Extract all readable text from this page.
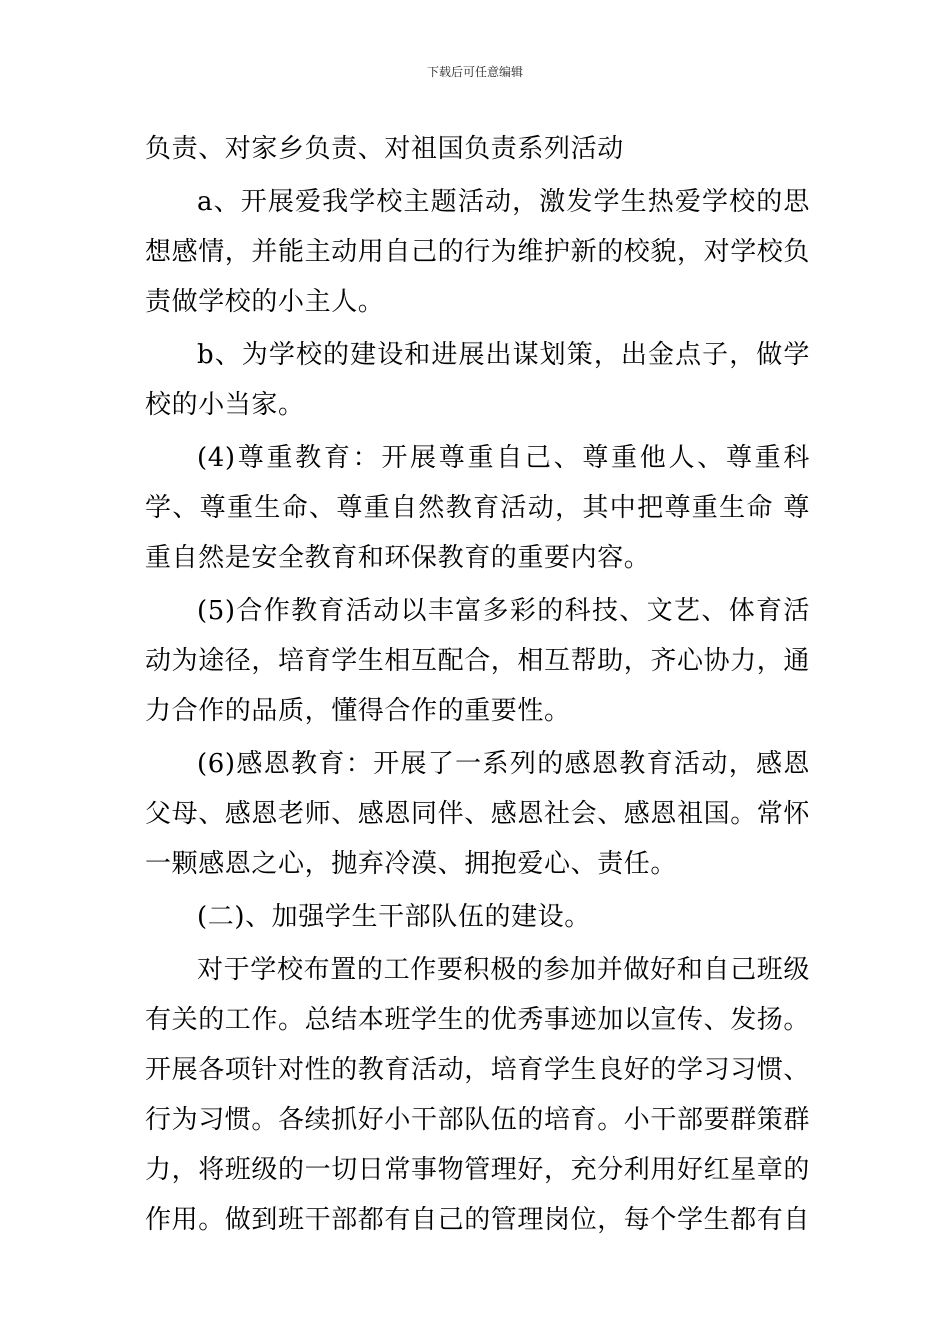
下载后可任意编辑

负责、对家乡负责、对祖国负责系列活动

a、开展爱我学校主题活动，激发学生热爱学校的思想感情，并能主动用自己的行为维护新的校貌，对学校负责做学校的小主人。

b、为学校的建设和进展出谋划策，出金点子，做学校的小当家。

(4)尊重教育：开展尊重自己、尊重他人、尊重科学、尊重生命、尊重自然教育活动，其中把尊重生命 尊重自然是安全教育和环保教育的重要内容。

(5)合作教育活动以丰富多彩的科技、文艺、体育活动为途径，培育学生相互配合，相互帮助，齐心协力，通力合作的品质，懂得合作的重要性。

(6)感恩教育：开展了一系列的感恩教育活动，感恩父母、感恩老师、感恩同伴、感恩社会、感恩祖国。常怀一颗感恩之心，抛弃冷漠、拥抱爱心、责任。

(二)、加强学生干部队伍的建设。

对于学校布置的工作要积极的参加并做好和自己班级有关的工作。总结本班学生的优秀事迹加以宣传、发扬。开展各项针对性的教育活动，培育学生良好的学习习惯、行为习惯。各续抓好小干部队伍的培育。小干部要群策群力，将班级的一切日常事物管理好，充分利用好红星章的作用。做到班干部都有自己的管理岗位，每个学生都有自
